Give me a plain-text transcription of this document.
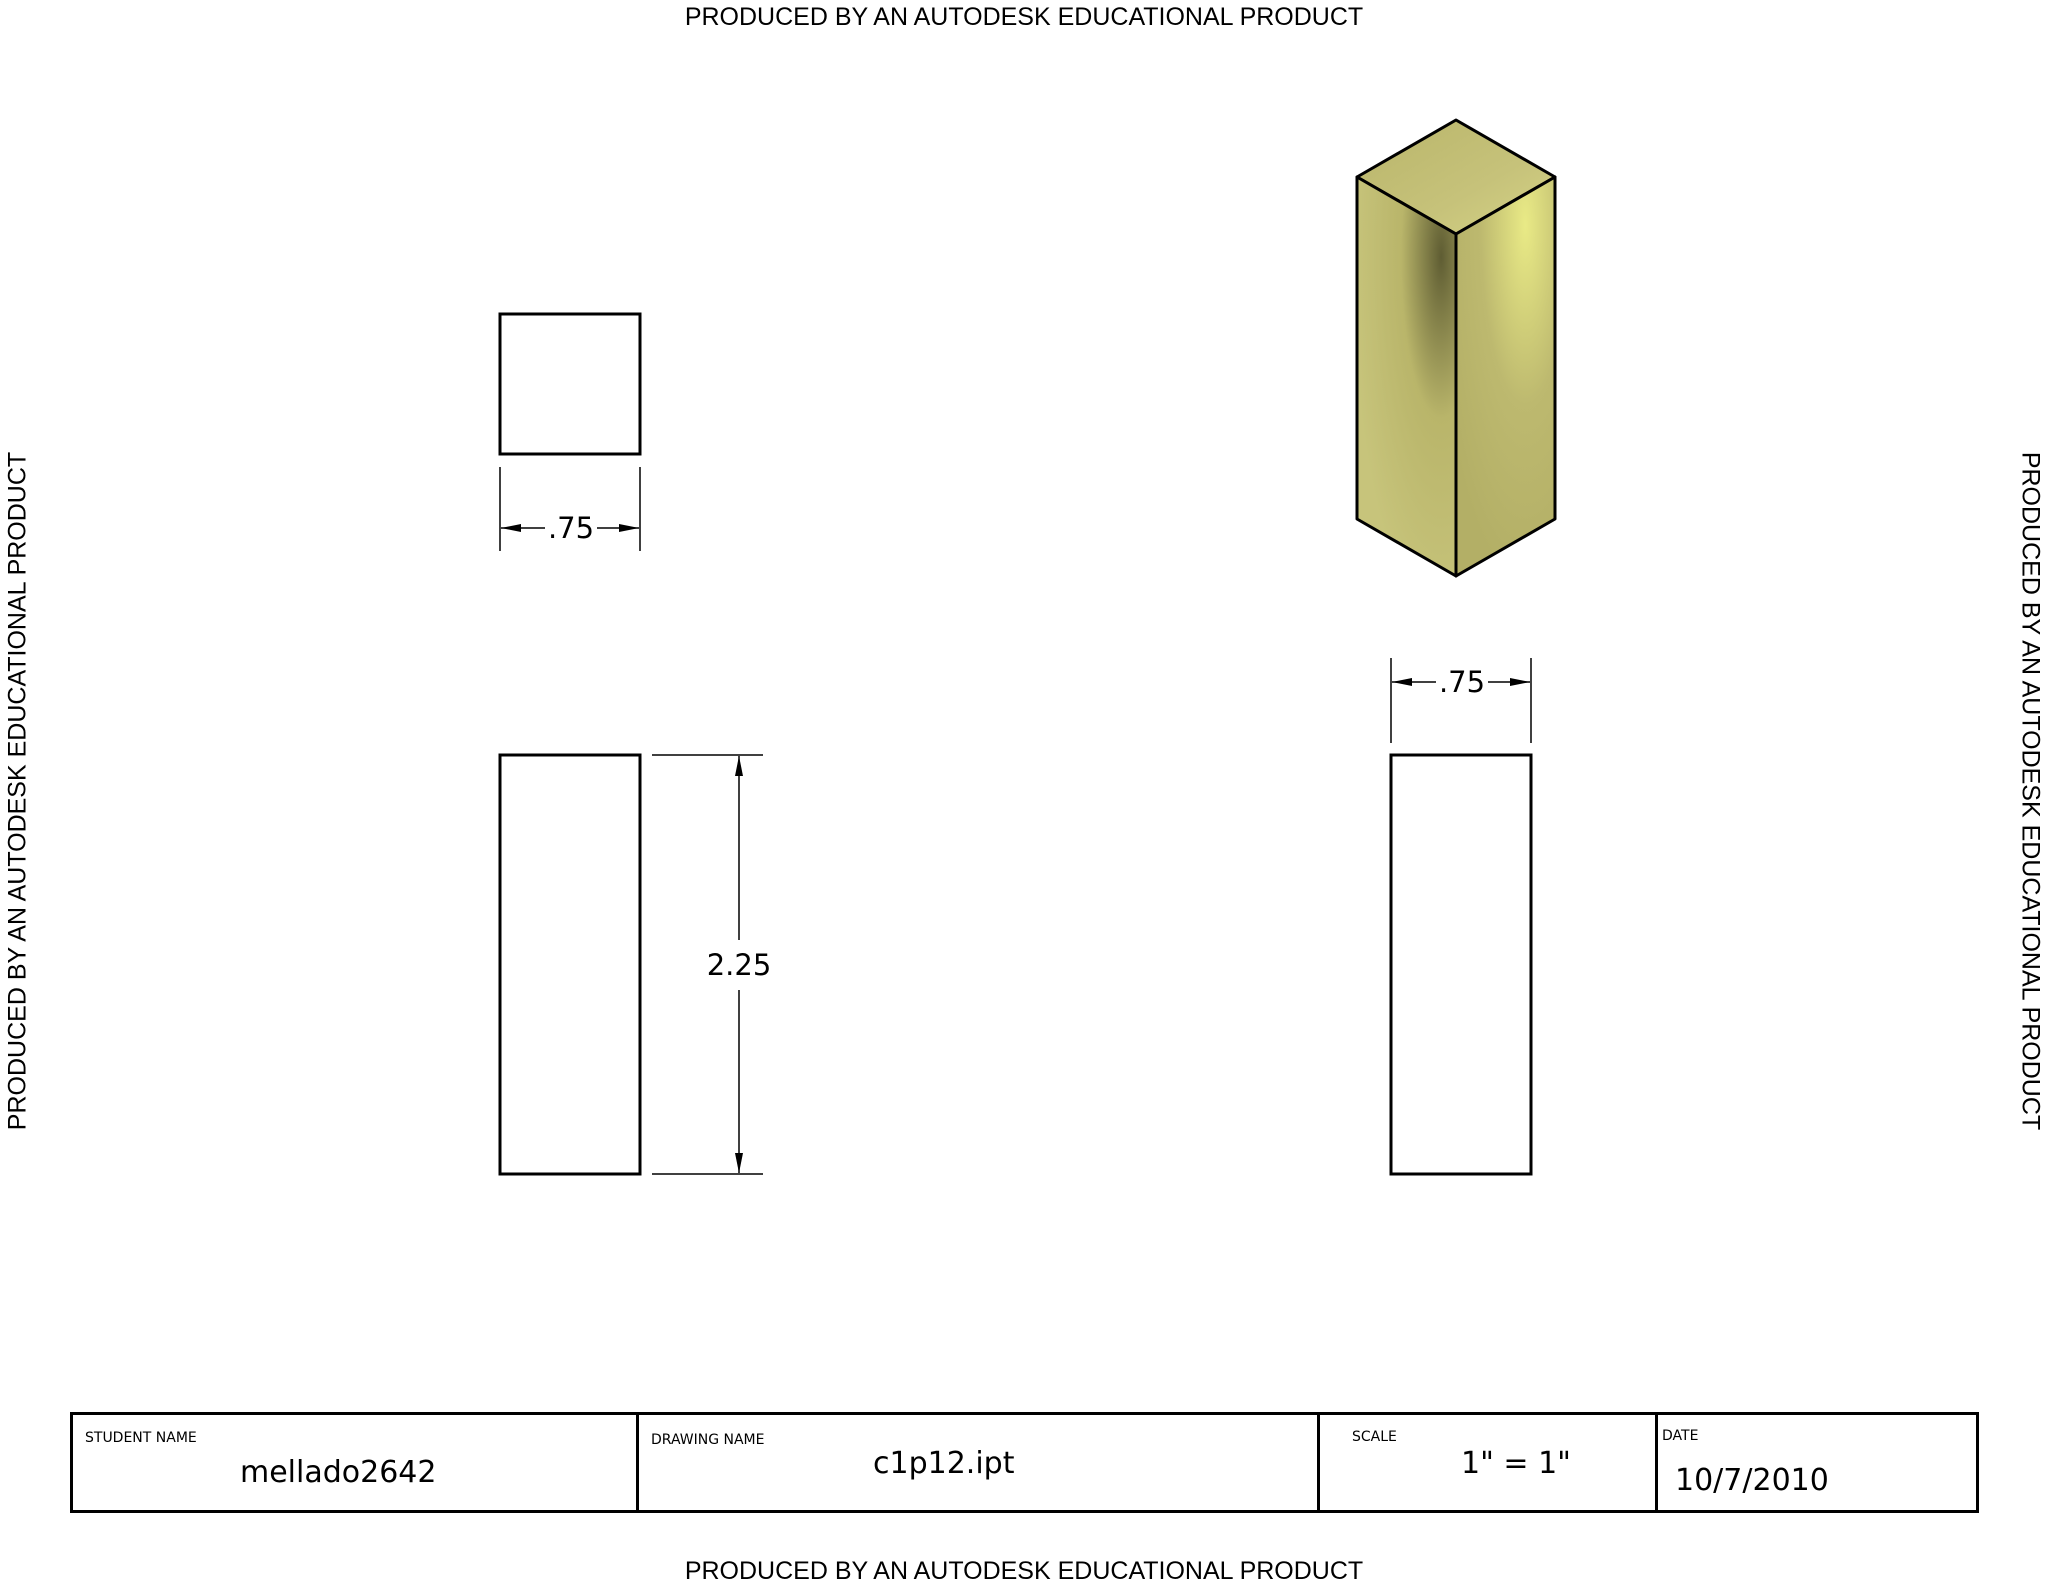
PRODUCED BY AN AUTODESK EDUCATIONAL PRODUCT
PRODUCED BY AN AUTODESK EDUCATIONAL PRODUCT
PRODUCED BY AN AUTODESK EDUCATIONAL PRODUCT	PRODUCED BY AN AUTODESK EDUCATIONAL PRODUCT
.75
2.25
.75
STUDENT NAME
mellado2642
DRAWING NAME
c1p12.ipt
SCALE
1" = 1"
DATE
10/7/2010
